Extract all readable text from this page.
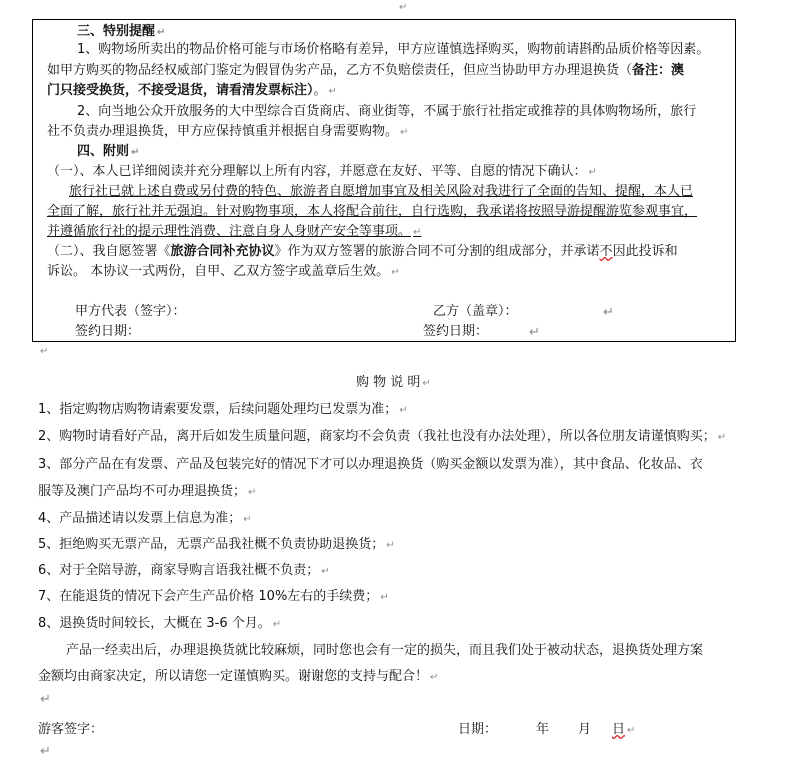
↵
三、特别提醒 ↵
1、购物场所卖出的物品价格可能与市场价格略有差异，甲方应谨慎选择购买，购物前请斟酌品质价格等因素。
如甲方购买的物品经权威部门鉴定为假冒伪劣产品，乙方不负赔偿责任，但应当协助甲方办理退换货（备注：澳
门只接受换货，不接受退货，请看清发票标注）。 ↵
2、向当地公众开放服务的大中型综合百货商店、商业街等，不属于旅行社指定或推荐的具体购物场所，旅行
社不负责办理退换货，甲方应保持慎重并根据自身需要购物。 ↵
四、附则 ↵
（一）、本人已详细阅读并充分理解以上所有内容，并愿意在友好、平等、自愿的情况下确认： ↵
旅行社已就上述自费或另付费的特色、旅游者自愿增加事宜及相关风险对我进行了全面的告知、提醒，本人已
全面了解，旅行社并无强迫。针对购物事项，本人将配合前往，自行选购，我承诺将按照导游提醒游览参观事宜，
并遵循旅行社的提示理性消费、注意自身人身财产安全等事项。 ↵
（二）、我自愿签署《旅游合同补充协议》作为双方签署的旅游合同不可分割的组成部分，并承诺不因此投诉和
诉讼。 本协议一式两份，自甲、乙双方签字或盖章后生效。 ↵
甲方代表（签字）：	乙方（盖章）：	↵
签约日期：	签约日期：	↵
↵
购 物 说 明 ↵
1、指定购物店购物请索要发票，后续问题处理均已发票为准； ↵
2、购物时请看好产品，离开后如发生质量问题，商家均不会负责（我社也没有办法处理），所以各位朋友请谨慎购买； ↵
3、部分产品在有发票、产品及包装完好的情况下才可以办理退换货（购买金额以发票为准），其中食品、化妆品、衣
服等及澳门产品均不可办理退换货； ↵
4、产品描述请以发票上信息为准； ↵
5、拒绝购买无票产品，无票产品我社概不负责协助退换货； ↵
6、对于全陪导游，商家导购言语我社概不负责； ↵
7、在能退货的情况下会产生产品价格 10%左右的手续费； ↵
8、退换货时间较长，大概在 3-6 个月。 ↵
产品一经卖出后，办理退换货就比较麻烦，同时您也会有一定的损失，而且我们处于被动状态，退换货处理方案
金额均由商家决定，所以请您一定谨慎购买。谢谢您的支持与配合！ ↵
↵
游客签字：	日期：	年 月 日 ↵
↵
